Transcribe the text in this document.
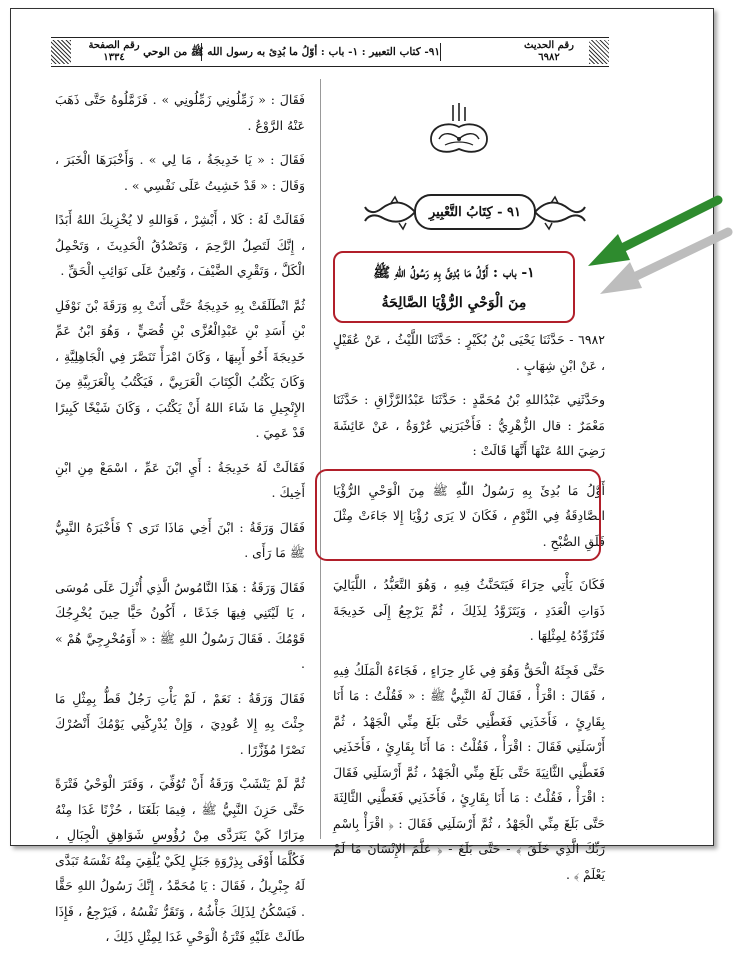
رقم الصفحة
١٣٣٤	٩١- كتاب التعبير : ١- باب : أوّلُ ما بُدِئ به رسول الله ﷺ من الوحي
رقم الحديث
٦٩٨٢

فَقَالَ : « زَمِّلُونِي زَمِّلُونِي » . فَزَمَّلُوهُ حَتَّى ذَهَبَ عَنْهُ الرَّوْعُ .

فَقَالَ : « يَا خَدِيجَةُ ، مَا لِي » . وَأَخْبَرَهَا الْخَبَرَ ، وَقَالَ : « قَدْ خَشِيتُ عَلَى نَفْسِي » .

فَقَالَتْ لَهُ : كَلا ، أَبْشِرْ ، فَوَاللهِ لا يُخْزِيكَ اللهُ أَبَدًا ، إِنَّكَ لَتَصِلُ الرَّحِمَ ، وَتَصْدُقُ الْحَدِيثَ ، وَتَحْمِلُ الْكَلَّ ، وَتَقْرِي الضَّيْفَ ، وَتُعِينُ عَلَى نَوَائِبِ الْحَقِّ .

ثُمَّ انْطَلَقَتْ بِهِ خَدِيجَةُ حَتَّى أَتَتْ بِهِ وَرَقَةَ بْنَ نَوْفَلِ بْنِ أَسَدِ بْنِ عَبْدِالْعُزَّى بْنِ قُصَيٍّ ، وَهُوَ ابْنُ عَمِّ خَدِيجَةَ أَخُو أَبِيهَا ، وَكَانَ امْرَأً تَنَصَّرَ فِي الْجَاهِلِيَّةِ ، وَكَانَ يَكْتُبُ الْكِتَابَ الْعَرَبِيَّ ، فَيَكْتُبُ بِالْعَرَبِيَّةِ مِنَ الإِنْجِيلِ مَا شَاءَ اللهُ أَنْ يَكْتُبَ ، وَكَانَ شَيْخًا كَبِيرًا قَدْ عَمِيَ .

فَقَالَتْ لَهُ خَدِيجَةُ : أَيِ ابْنَ عَمِّ ، اسْمَعْ مِنِ ابْنِ أَخِيكَ .

فَقَالَ وَرَقَةُ : ابْنَ أَخِي مَاذَا تَرَى ؟ فَأَخْبَرَهُ النَّبِيُّ ﷺ مَا رَأَى .

فَقَالَ وَرَقَةُ : هَذَا النَّامُوسُ الَّذِي أُنْزِلَ عَلَى مُوسَى ، يَا لَيْتَنِي فِيهَا جَذَعًا ، أَكُونُ حَيًّا حِينَ يُخْرِجُكَ قَوْمُكَ . فَقَالَ رَسُولُ اللهِ ﷺ : « أَوَمُخْرِجِيَّ هُمْ » .

فَقَالَ وَرَقَةُ : نَعَمْ ، لَمْ يَأْتِ رَجُلٌ قَطُّ بِمِثْلِ مَا جِئْتَ بِهِ إِلا عُودِيَ ، وَإِنْ يُدْرِكْنِي يَوْمُكَ أَنْصُرْكَ نَصْرًا مُؤَزَّرًا .

ثُمَّ لَمْ يَنْشَبْ وَرَقَةُ أَنْ تُوُفِّيَ ، وَفَتَرَ الْوَحْيُ فَتْرَةً حَتَّى حَزِنَ النَّبِيُّ ﷺ ، فِيمَا بَلَغَنَا ، حُزْنًا غَدَا مِنْهُ مِرَارًا كَيْ يَتَرَدَّى مِنْ رُؤُوسِ شَوَاهِقِ الْجِبَالِ ، فَكُلَّمَا أَوْفَى بِذِرْوَةِ جَبَلٍ لِكَيْ يُلْقِيَ مِنْهُ نَفْسَهُ تَبَدَّى لَهُ جِبْرِيلُ ، فَقَالَ : يَا مُحَمَّدُ ، إِنَّكَ رَسُولُ اللهِ حَقًّا . فَيَسْكُنُ لِذَلِكَ جَأْشُهُ ، وَتَقَرُّ نَفْسُهُ ، فَيَرْجِعُ ، فَإِذَا طَالَتْ عَلَيْهِ فَتْرَةُ الْوَحْيِ غَدَا لِمِثْلِ ذَلِكَ ،

٩١ - كِتَابُ التَّعْبِيرِ
١- باب : أَوَّلُ مَا بُدِئَ بِهِ رَسُولُ اللّٰهِ ﷺ
مِنَ الْوَحْيِ الرُّؤْيَا الصَّالِحَةُ

٦٩٨٢ - حَدَّثَنَا يَحْيَى بْنُ بُكَيْرٍ : حَدَّثَنَا اللَّيْثُ ، عَنْ عُقَيْلٍ ، عَنْ ابْنِ شِهَابٍ .

وحَدَّثَنِي عَبْدُاللهِ بْنُ مُحَمَّدٍ : حَدَّثَنَا عَبْدُالرَّزَّاقِ : حَدَّثَنَا مَعْمَرٌ : قال الزُّهْرِيُّ : فَأَخْبَرَنِي عُرْوَةُ ، عَنْ عَائِشَةَ رَضِيَ اللهُ عَنْهَا أَنَّهَا قَالَتْ :

أَوَّلُ مَا بُدِئَ بِهِ رَسُولُ اللّٰهِ ﷺ مِنَ الْوَحْيِ الرُّؤْيَا الصَّادِقَةُ فِي النَّوْمِ ، فَكَانَ لا يَرَى رُؤْيَا إِلا جَاءَتْ مِثْلَ فَلَقِ الصُّبْحِ .

فَكَانَ يَأْتِي حِرَاءَ فَيَتَحَنَّثُ فِيهِ ، وَهُوَ التَّعَبُّدُ ، اللَّيَالِيَ ذَوَاتِ الْعَدَدِ ، وَيَتَزَوَّدُ لِذَلِكَ ، ثُمَّ يَرْجِعُ إِلَى خَدِيجَةَ فَتُزَوِّدُهُ لِمِثْلِهَا .

حَتَّى فَجِئَهُ الْحَقُّ وَهُوَ فِي غَارِ حِرَاءٍ ، فَجَاءَهُ الْمَلَكُ فِيهِ ، فَقَالَ : اقْرَأْ ، فَقَالَ لَهُ النَّبِيُّ ﷺ : « فَقُلْتُ : مَا أَنَا بِقَارِئٍ ، فَأَخَذَنِي فَغَطَّنِي حَتَّى بَلَغَ مِنِّي الْجَهْدُ ، ثُمَّ أَرْسَلَنِي فَقَالَ : اقْرَأْ ، فَقُلْتُ : مَا أَنَا بِقَارِئٍ ، فَأَخَذَنِي فَغَطَّنِي الثَّانِيَةَ حَتَّى بَلَغَ مِنِّي الْجَهْدُ ، ثُمَّ أَرْسَلَنِي فَقَالَ : اقْرَأْ ، فَقُلْتُ : مَا أَنَا بِقَارِئٍ ، فَأَخَذَنِي فَغَطَّنِي الثَّالِثَةَ حَتَّى بَلَغَ مِنِّي الْجَهْدُ ، ثُمَّ أَرْسَلَنِي فَقَالَ : ﴿ اقْرَأْ بِاسْمِ رَبِّكَ الَّذِي خَلَقَ ﴾ - حَتَّى بَلَغَ - ﴿ عَلَّمَ الإِنْسَانَ مَا لَمْ يَعْلَمْ ﴾ .
